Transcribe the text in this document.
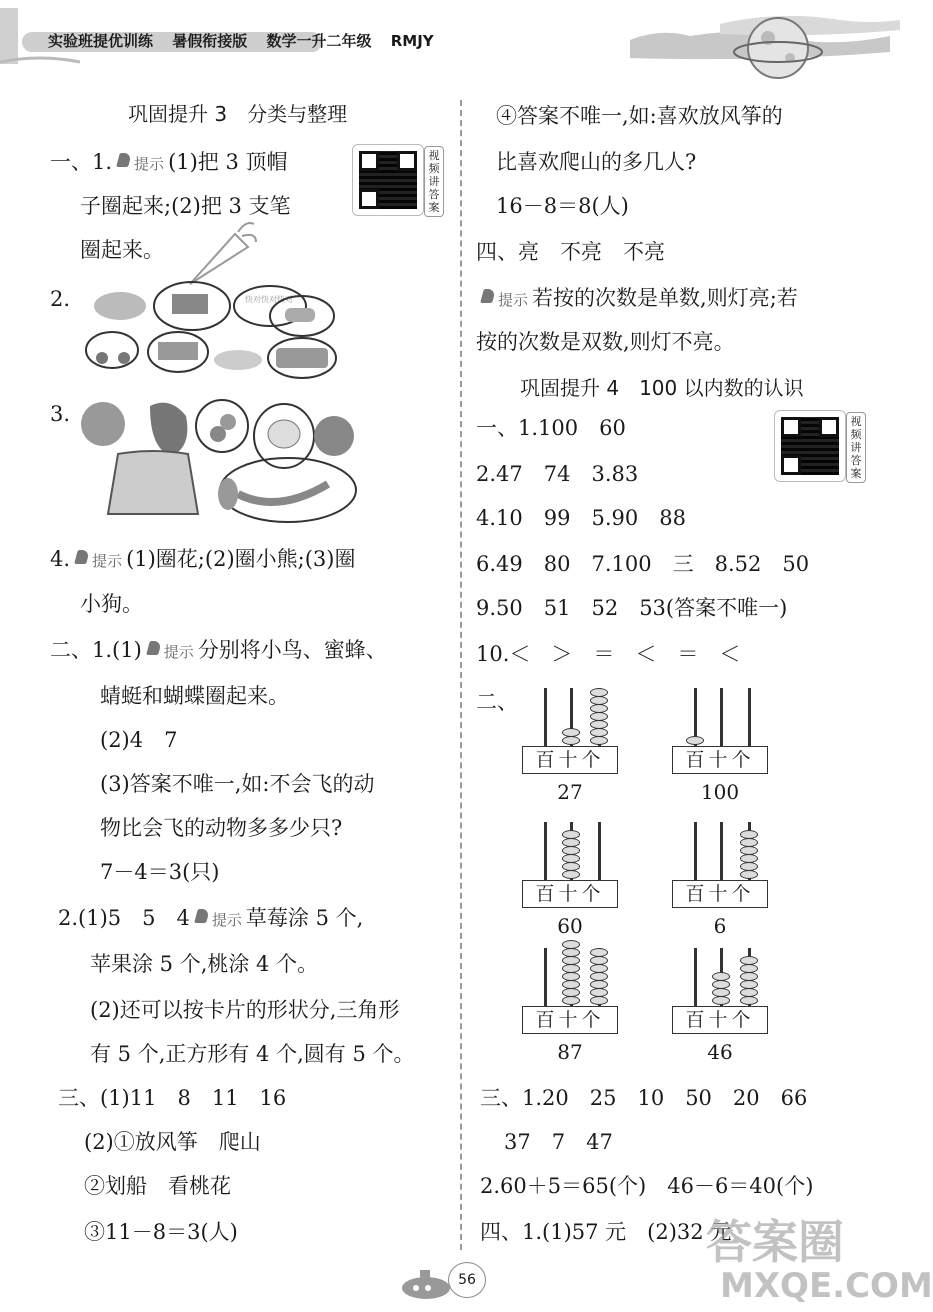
实验班提优训练 暑假衔接版 数学一升二年级 RMJY
巩固提升 3　分类与整理
一、1. 提示 (1)把 3 顶帽
子圈起来;(2)把 3 支笔
圈起来。
视频讲答案
2.	快对快对快对
3.
4. 提示 (1)圈花;(2)圈小熊;(3)圈
小狗。
二、1.(1) 提示 分别将小鸟、蜜蜂、
蜻蜓和蝴蝶圈起来。
(2)4　7
(3)答案不唯一,如:不会飞的动
物比会飞的动物多多少只?
7－4＝3(只)
2.(1)5　5　4 提示 草莓涂 5 个,
苹果涂 5 个,桃涂 4 个。
(2)还可以按卡片的形状分,三角形
有 5 个,正方形有 4 个,圆有 5 个。
三、(1)11　8　11　16
(2)①放风筝　爬山
②划船　看桃花
③11－8＝3(人)
④答案不唯一,如:喜欢放风筝的
比喜欢爬山的多几人?
16－8＝8(人)
四、亮　不亮　不亮
提示 若按的次数是单数,则灯亮;若
按的次数是双数,则灯不亮。
巩固提升 4　100 以内数的认识
视频讲答案
一、1.100　60
2.47　74　3.83
4.10　99　5.90　88
6.49　80　7.100　三　8.52　50
9.50　51　52　53(答案不唯一)
10.＜　＞　＝　＜　＝　＜
二、
百十个
27
百十个
100
百十个
60
百十个
6
百十个
87
百十个
46
三、1.20　25　10　50　20　66
37　7　47
2.60＋5＝65(个)　46－6＝40(个)
四、1.(1)57 元　(2)32 元
56
答案圈
MXQE.COM
